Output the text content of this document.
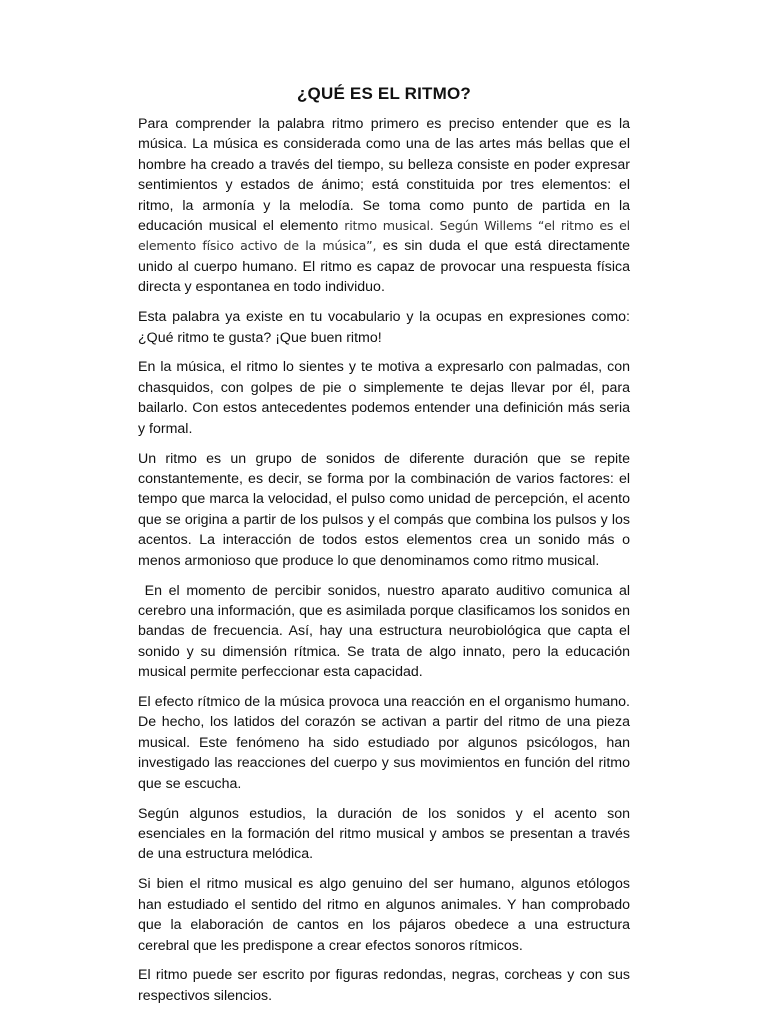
¿QUÉ ES EL RITMO?

Para comprender la palabra ritmo primero es preciso entender que es la música. La música es considerada como una de las artes más bellas que el hombre ha creado a través del tiempo, su belleza consiste en poder expresar sentimientos y estados de ánimo; está constituida por tres elementos: el ritmo, la armonía y la melodía. Se toma como punto de partida en la educación musical el elemento ritmo musical. Según Willems “el ritmo es el elemento físico activo de la música”, es sin duda el que está directamente unido al cuerpo humano. El ritmo es capaz de provocar una respuesta física directa y espontanea en todo individuo.

Esta palabra ya existe en tu vocabulario y la ocupas en expresiones como: ¿Qué ritmo te gusta? ¡Que buen ritmo!

En la música, el ritmo lo sientes y te motiva a expresarlo con palmadas, con chasquidos, con golpes de pie o simplemente te dejas llevar por él, para bailarlo. Con estos antecedentes podemos entender una definición más seria y formal.

Un ritmo es un grupo de sonidos de diferente duración que se repite constantemente, es decir, se forma por la combinación de varios factores: el tempo que marca la velocidad, el pulso como unidad de percepción, el acento que se origina a partir de los pulsos y el compás que combina los pulsos y los acentos. La interacción de todos estos elementos crea un sonido más o menos armonioso que produce lo que denominamos como ritmo musical.

En el momento de percibir sonidos, nuestro aparato auditivo comunica al cerebro una información, que es asimilada porque clasificamos los sonidos en bandas de frecuencia. Así, hay una estructura neurobiológica que capta el sonido y su dimensión rítmica. Se trata de algo innato, pero la educación musical permite perfeccionar esta capacidad.

El efecto rítmico de la música provoca una reacción en el organismo humano. De hecho, los latidos del corazón se activan a partir del ritmo de una pieza musical. Este fenómeno ha sido estudiado por algunos psicólogos, han investigado las reacciones del cuerpo y sus movimientos en función del ritmo que se escucha.

Según algunos estudios, la duración de los sonidos y el acento son esenciales en la formación del ritmo musical y ambos se presentan a través de una estructura melódica.

Si bien el ritmo musical es algo genuino del ser humano, algunos etólogos han estudiado el sentido del ritmo en algunos animales. Y han comprobado que la elaboración de cantos en los pájaros obedece a una estructura cerebral que les predispone a crear efectos sonoros rítmicos.

El ritmo puede ser escrito por figuras redondas, negras, corcheas y con sus respectivos silencios.
